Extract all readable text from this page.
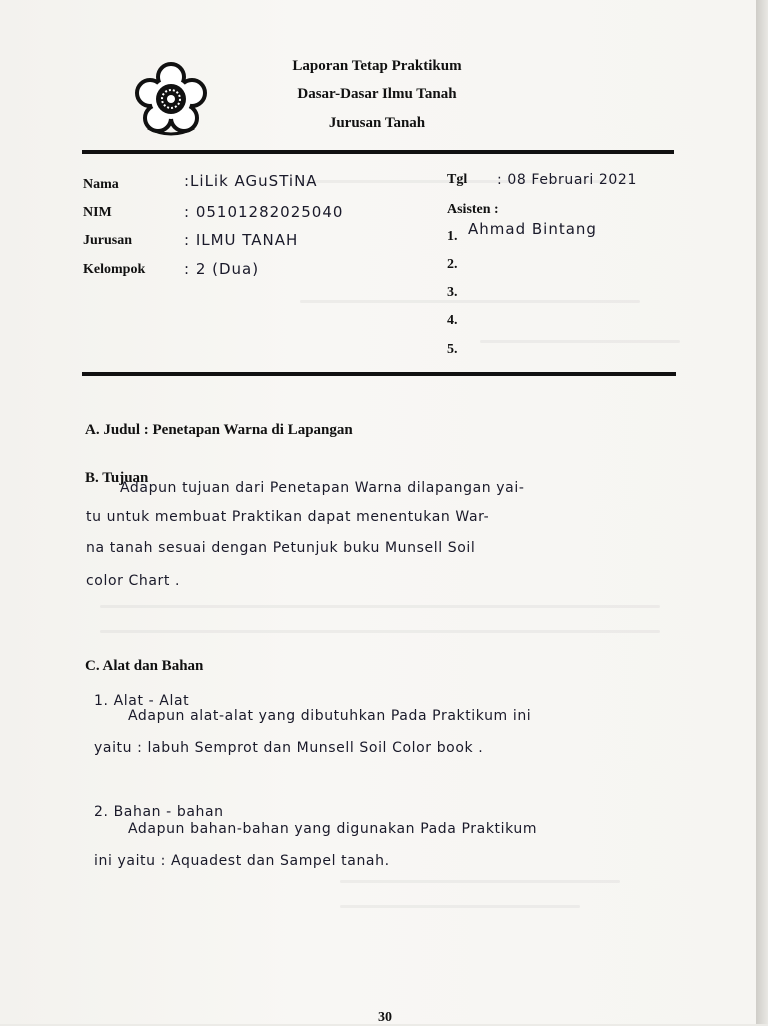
Laporan Tetap Praktikum
Dasar-Dasar Ilmu Tanah
Jurusan Tanah
Nama	:LiLik AGuSTiNA
NIM	: 05101282025040
Jurusan	: ILMU TANAH
Kelompok	: 2 (Dua)
Tgl : 08 Februari 2021
Asisten :
1. Ahmad Bintang
2.
3.
4.
5.
A. Judul : Penetapan Warna di Lapangan
B. Tujuan
Adapun tujuan dari Penetapan Warna dilapangan yai-
tu untuk membuat Praktikan dapat menentukan War-
na tanah sesuai dengan Petunjuk buku Munsell Soil
color Chart .
C. Alat dan Bahan
1. Alat - Alat
Adapun alat-alat yang dibutuhkan Pada Praktikum ini
yaitu : labuh Semprot dan Munsell Soil Color book .
2. Bahan - bahan
Adapun bahan-bahan yang digunakan Pada Praktikum
ini yaitu : Aquadest dan Sampel tanah.
30
